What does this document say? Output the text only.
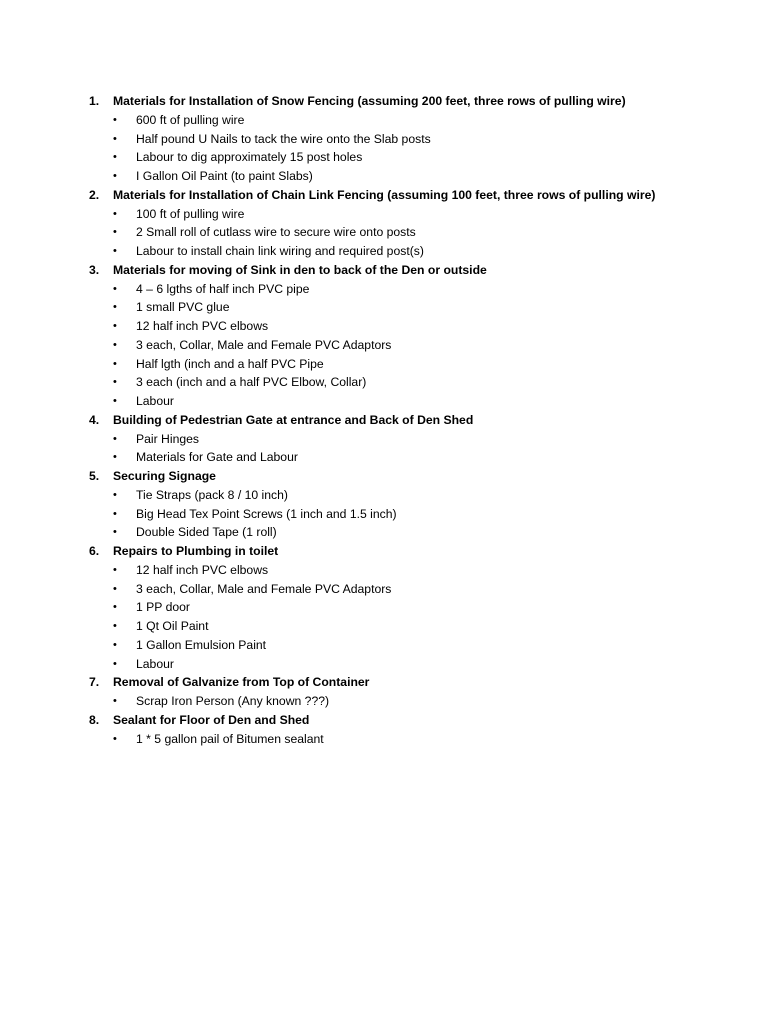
1. Materials for Installation of Snow Fencing (assuming 200 feet, three rows of pulling wire)
• 600 ft of pulling wire
• Half pound U Nails to tack the wire onto the Slab posts
• Labour to dig approximately 15 post holes
• I Gallon Oil Paint (to paint Slabs)
2. Materials for Installation of Chain Link Fencing (assuming 100 feet, three rows of pulling wire)
• 100 ft of pulling wire
• 2 Small roll of cutlass wire to secure wire onto posts
• Labour to install chain link wiring and required post(s)
3. Materials for moving of Sink in den to back of the Den or outside
• 4 – 6 lgths of half inch PVC pipe
• 1 small PVC glue
• 12 half inch PVC elbows
• 3 each, Collar, Male and Female PVC Adaptors
• Half lgth (inch and a half PVC Pipe
• 3 each (inch and a half PVC Elbow, Collar)
• Labour
4. Building of Pedestrian Gate at entrance and Back of Den Shed
• Pair Hinges
• Materials for Gate and Labour
5. Securing Signage
• Tie Straps (pack 8 / 10 inch)
• Big Head Tex Point Screws (1 inch and 1.5 inch)
• Double Sided Tape (1 roll)
6. Repairs to Plumbing in toilet
• 12 half inch PVC elbows
• 3 each, Collar, Male and Female PVC Adaptors
• 1 PP door
• 1 Qt Oil Paint
• 1 Gallon Emulsion Paint
• Labour
7. Removal of Galvanize from Top of Container
• Scrap Iron Person (Any known ???)
8. Sealant for Floor of Den and Shed
• 1 * 5 gallon pail of Bitumen sealant
